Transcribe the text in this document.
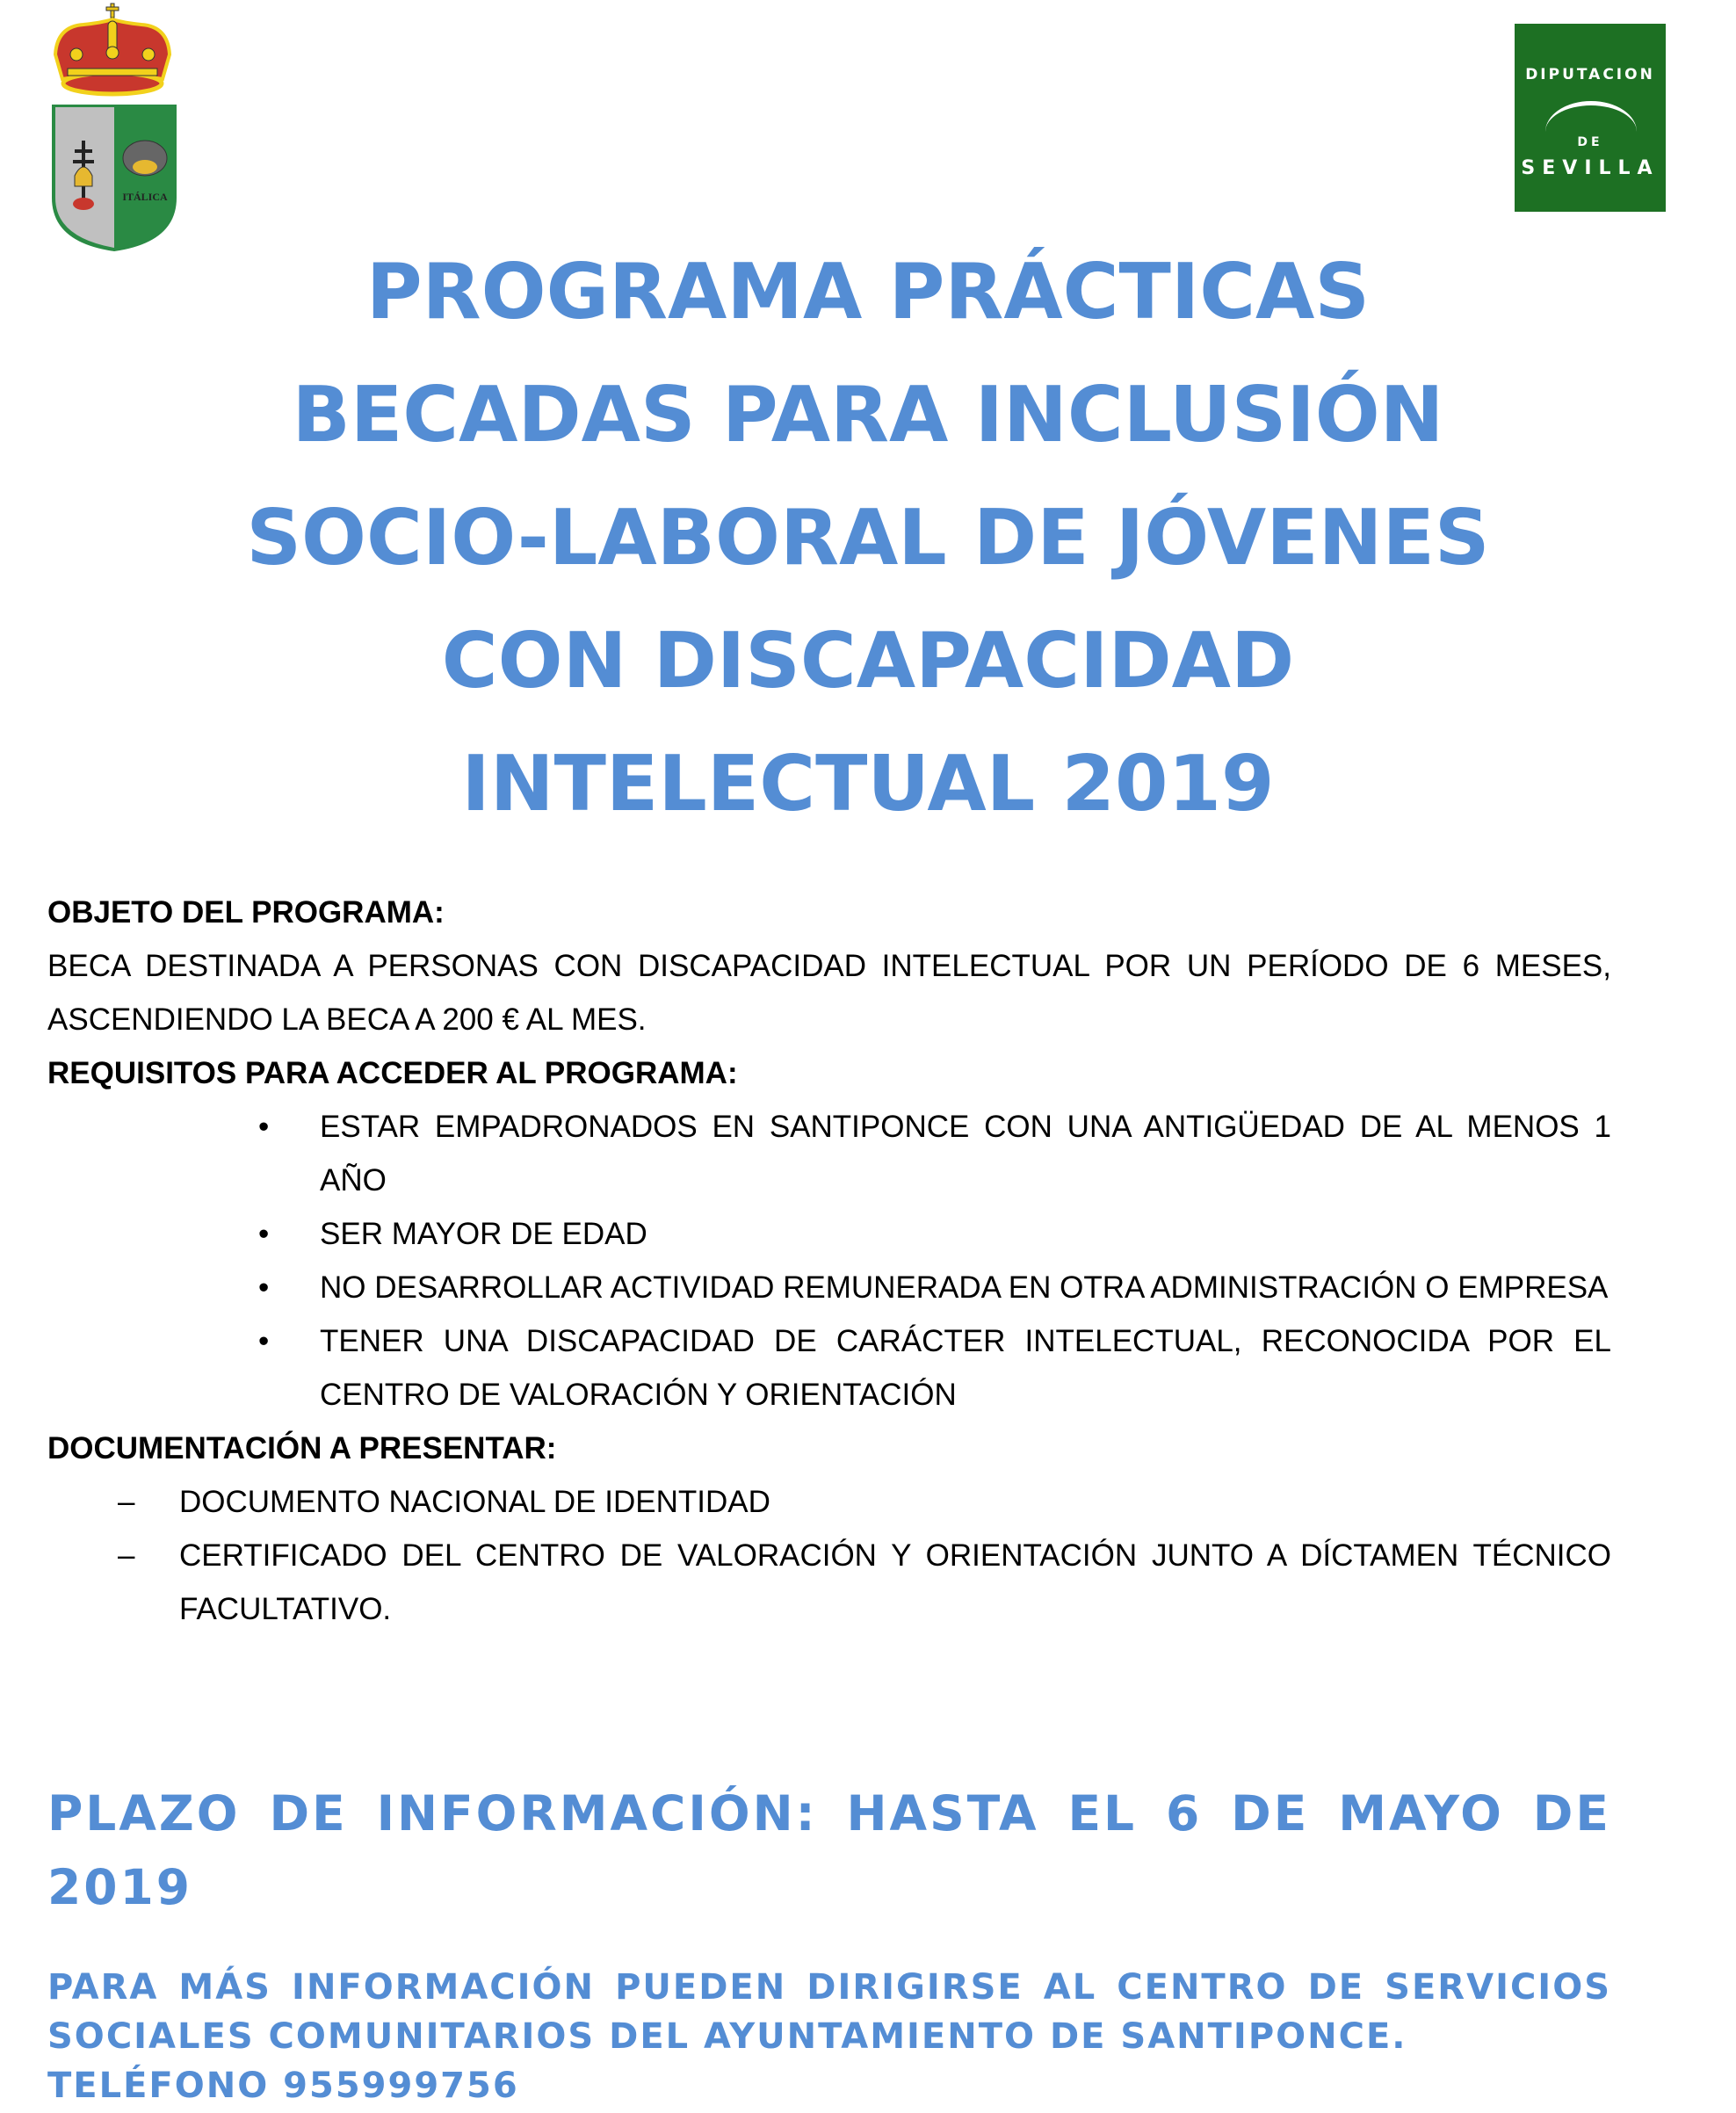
ITÁLICA
DIPUTACION
DE
SEVILLA
PROGRAMA PRÁCTICAS
BECADAS PARA INCLUSIÓN
SOCIO-LABORAL DE JÓVENES
CON DISCAPACIDAD
INTELECTUAL 2019
OBJETO DEL PROGRAMA:
BECA DESTINADA A PERSONAS CON DISCAPACIDAD INTELECTUAL POR UN PERÍODO DE 6 MESES, ASCENDIENDO LA BECA A 200 € AL MES.
REQUISITOS PARA ACCEDER AL PROGRAMA:
• ESTAR EMPADRONADOS EN SANTIPONCE CON UNA ANTIGÜEDAD DE AL MENOS 1 AÑO
• SER MAYOR DE EDAD
• NO DESARROLLAR ACTIVIDAD REMUNERADA EN OTRA ADMINISTRACIÓN O EMPRESA
• TENER UNA DISCAPACIDAD DE CARÁCTER INTELECTUAL, RECONOCIDA POR EL CENTRO DE VALORACIÓN Y ORIENTACIÓN
DOCUMENTACIÓN A PRESENTAR:
– DOCUMENTO NACIONAL DE IDENTIDAD
– CERTIFICADO DEL CENTRO DE VALORACIÓN Y ORIENTACIÓN JUNTO A DÍCTAMEN TÉCNICO FACULTATIVO.
PLAZO DE INFORMACIÓN: HASTA EL 6 DE MAYO DE 2019
PARA MÁS INFORMACIÓN PUEDEN DIRIGIRSE AL CENTRO DE SERVICIOS SOCIALES COMUNITARIOS DEL AYUNTAMIENTO DE SANTIPONCE.
TELÉFONO 955999756
